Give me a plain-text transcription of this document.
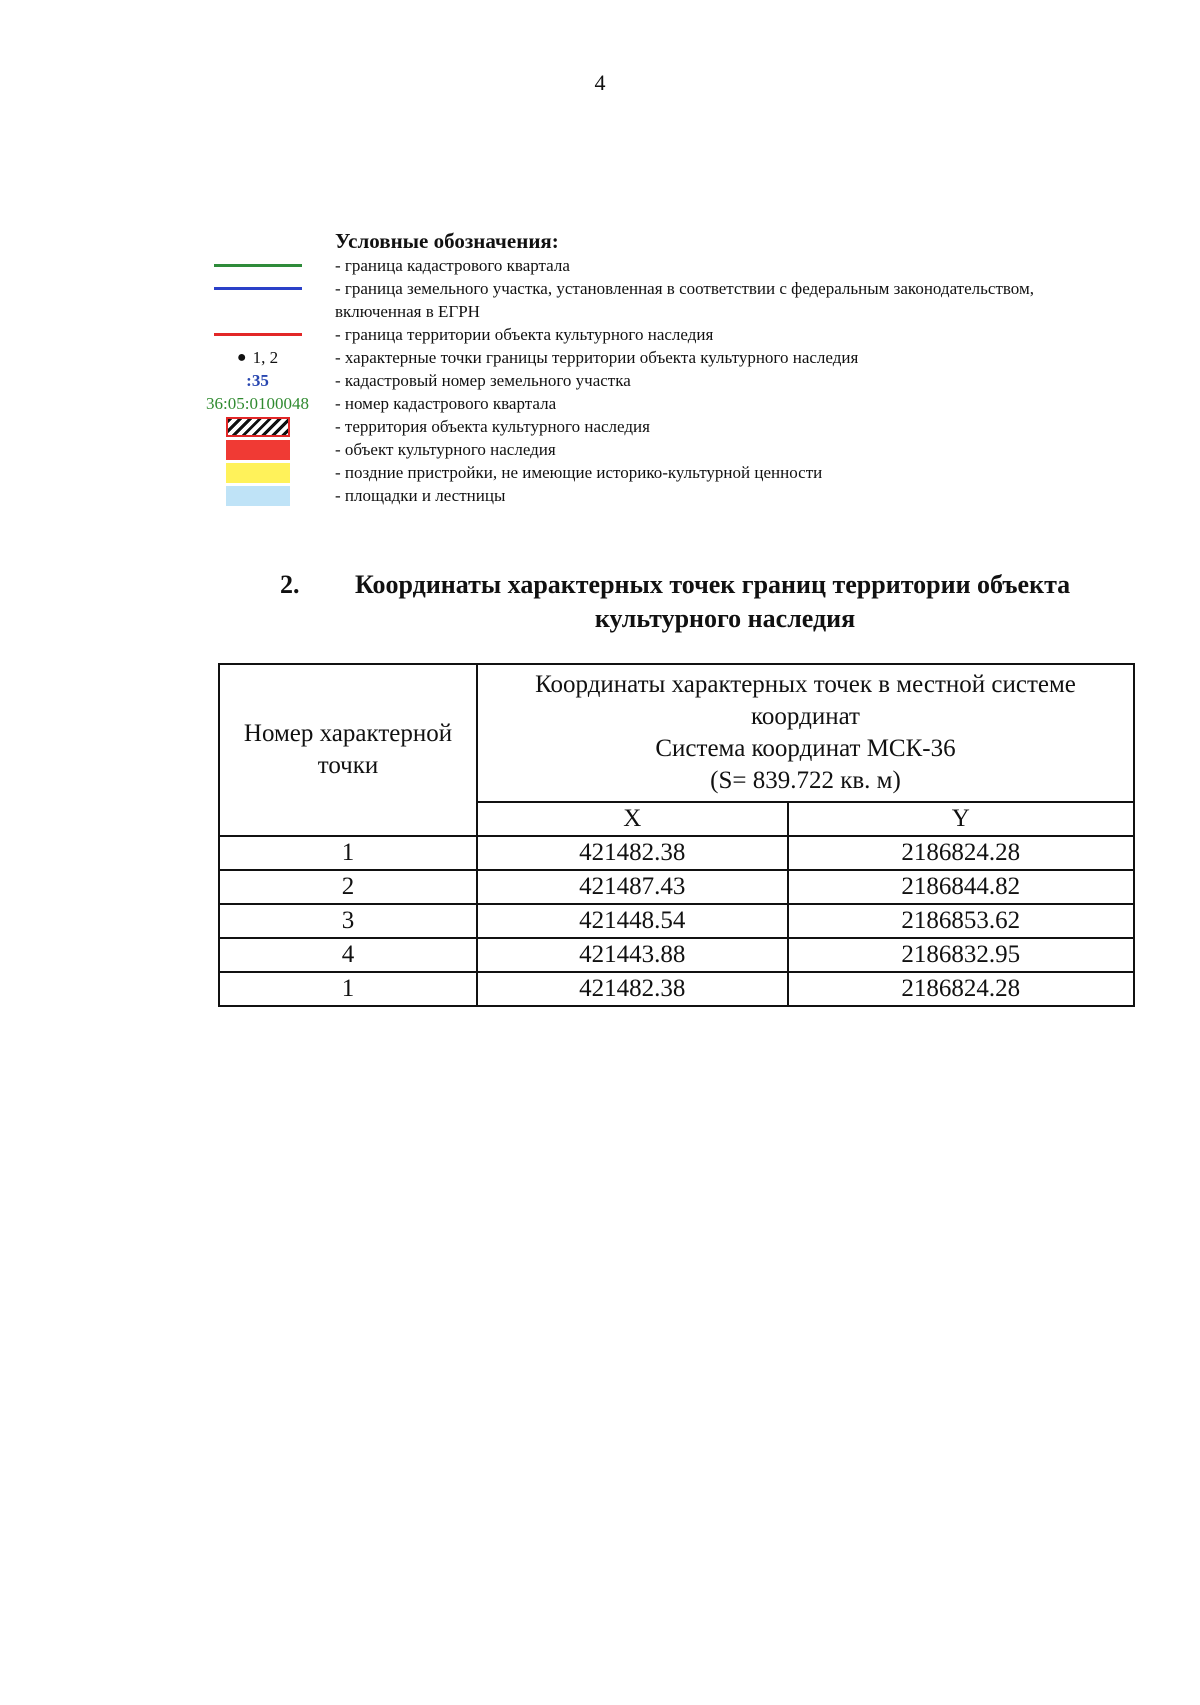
4
Условные обозначения:
- граница кадастрового квартала
- граница земельного участка, установленная в соответствии с федеральным законодательством, включенная в ЕГРН
- граница территории объекта культурного наследия
● 1, 2	- характерные точки границы территории объекта культурного наследия
:35	- кадастровый номер земельного участка
36:05:0100048	- номер кадастрового квартала
- территория объекта культурного наследия
- объект культурного наследия
- поздние пристройки, не имеющие историко-культурной ценности
- площадки и лестницы
2. Координаты характерных точек границ территории объекта
культурного наследия
Номер характерной точки	Координаты характерных точек в местной системе координат
Система координат МСК-36
(S= 839.722 кв. м)	

	X	Y
1	421482.38	2186824.28
2	421487.43	2186844.82
3	421448.54	2186853.62
4	421443.88	2186832.95
1	421482.38	2186824.28
